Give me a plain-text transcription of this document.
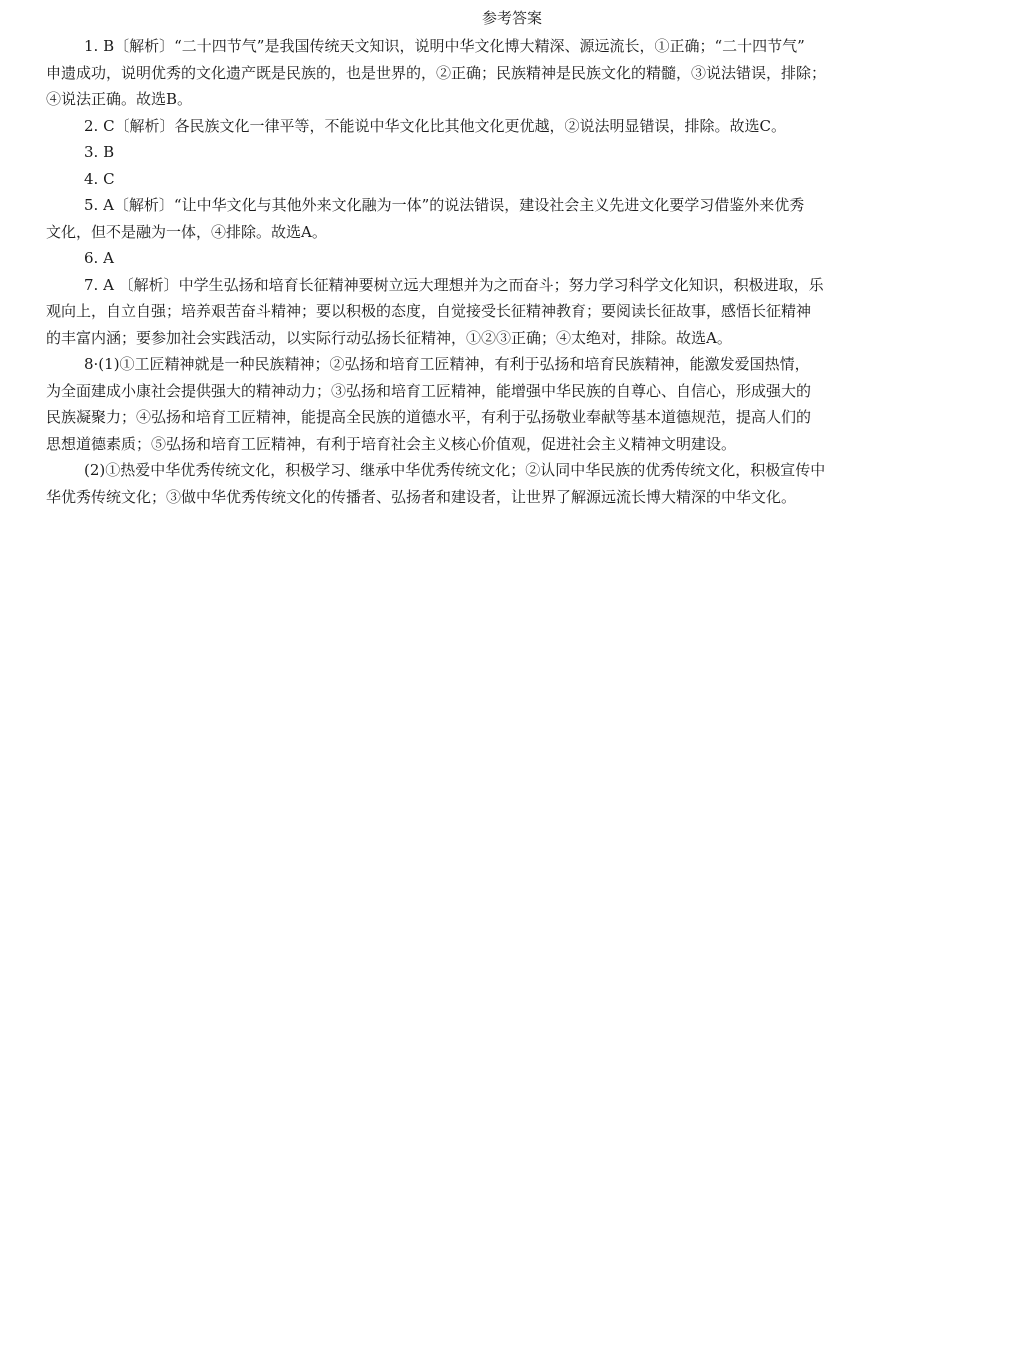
参考答案
1. B〔解析〕“二十四节气”是我国传统天文知识，说明中华文化博大精深、源远流长，①正确；“二十四节气”
申遗成功，说明优秀的文化遗产既是民族的，也是世界的，②正确；民族精神是民族文化的精髓，③说法错误，排除；
④说法正确。故选B。
2. C〔解析〕各民族文化一律平等，不能说中华文化比其他文化更优越，②说法明显错误，排除。故选C。
3. B
4. C
5. A〔解析〕“让中华文化与其他外来文化融为一体”的说法错误，建设社会主义先进文化要学习借鉴外来优秀
文化，但不是融为一体，④排除。故选A。
6. A
7. A 〔解析〕中学生弘扬和培育长征精神要树立远大理想并为之而奋斗；努力学习科学文化知识，积极进取，乐
观向上，自立自强；培养艰苦奋斗精神；要以积极的态度，自觉接受长征精神教育；要阅读长征故事，感悟长征精神
的丰富内涵；要参加社会实践活动，以实际行动弘扬长征精神，①②③正确；④太绝对，排除。故选A。
8·(1)①工匠精神就是一种民族精神；②弘扬和培育工匠精神，有利于弘扬和培育民族精神，能激发爱国热情，
为全面建成小康社会提供强大的精神动力；③弘扬和培育工匠精神，能增强中华民族的自尊心、自信心，形成强大的
民族凝聚力；④弘扬和培育工匠精神，能提高全民族的道德水平，有利于弘扬敬业奉献等基本道德规范，提高人们的
思想道德素质；⑤弘扬和培育工匠精神，有利于培育社会主义核心价值观，促进社会主义精神文明建设。
(2)①热爱中华优秀传统文化，积极学习、继承中华优秀传统文化；②认同中华民族的优秀传统文化，积极宣传中
华优秀传统文化；③做中华优秀传统文化的传播者、弘扬者和建设者，让世界了解源远流长博大精深的中华文化。
